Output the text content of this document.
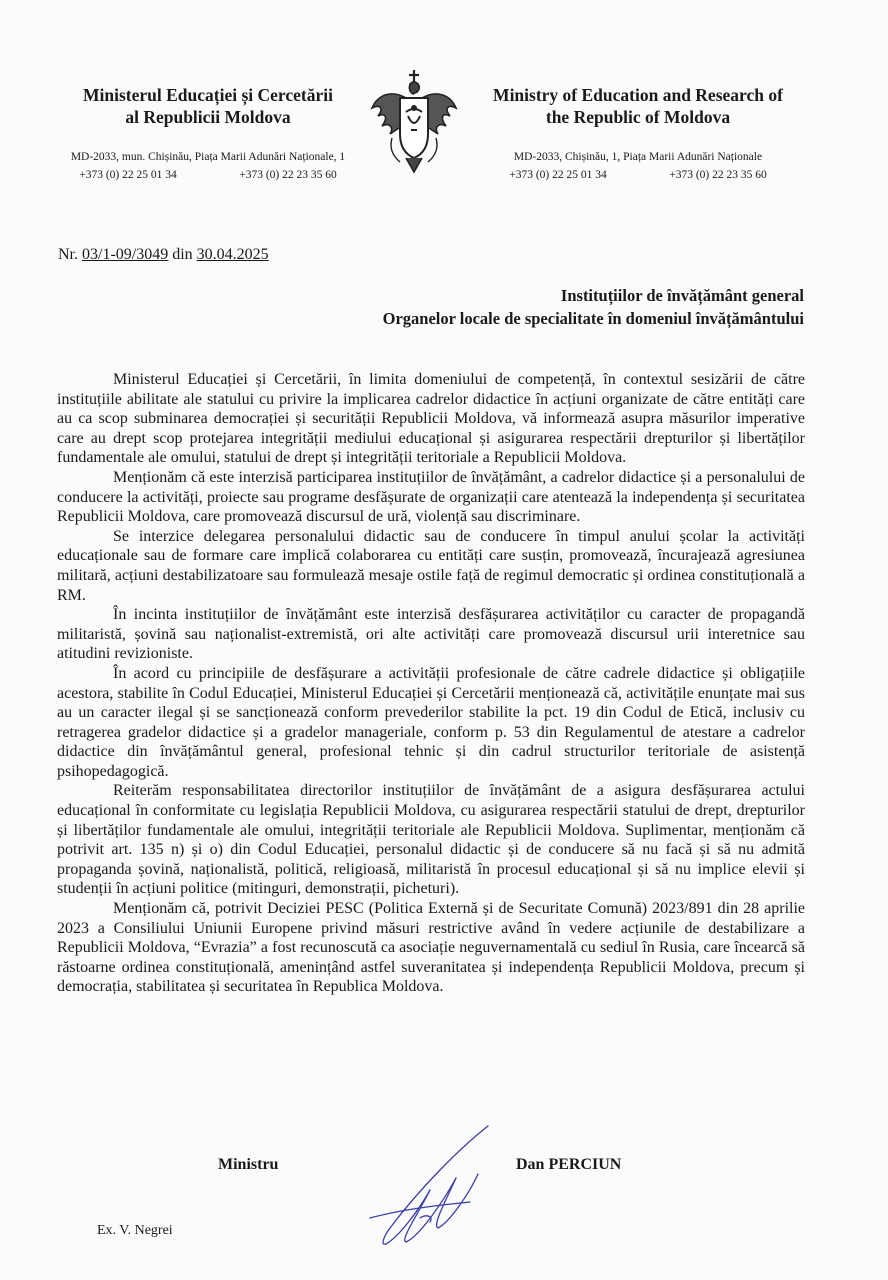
Ministerul Educației și Cercetării
al Republicii Moldova
MD-2033, mun. Chișinău, Piața Marii Adunări Naționale, 1
+373 (0) 22 25 01 34	+373 (0) 22 23 35 60
Ministry of Education and Research of
the Republic of Moldova
MD-2033, Chișinău, 1, Piața Marii Adunări Naționale
+373 (0) 22 25 01 34	+373 (0) 22 23 35 60
Nr. 03/1-09/3049 din 30.04.2025
Instituțiilor de învățământ general
Organelor locale de specialitate în domeniul învățământului

Ministerul Educației și Cercetării, în limita domeniului de competență, în contextul sesizării de către instituțiile abilitate ale statului cu privire la implicarea cadrelor didactice în acțiuni organizate de către entități care au ca scop subminarea democrației și securității Republicii Moldova, vă informează asupra măsurilor imperative care au drept scop protejarea integrității mediului educațional și asigurarea respectării drepturilor și libertăților fundamentale ale omului, statului de drept și integrității teritoriale a Republicii Moldova.

Menționăm că este interzisă participarea instituțiilor de învățământ, a cadrelor didactice și a personalului de conducere la activități, proiecte sau programe desfășurate de organizații care atentează la independența și securitatea Republicii Moldova, care promovează discursul de ură, violență sau discriminare.

Se interzice delegarea personalului didactic sau de conducere în timpul anului școlar la activități educaționale sau de formare care implică colaborarea cu entități care susțin, promovează, încurajează agresiunea militară, acțiuni destabilizatoare sau formulează mesaje ostile față de regimul democratic și ordinea constituțională a RM.

În incinta instituțiilor de învățământ este interzisă desfășurarea activităților cu caracter de propagandă militaristă, șovină sau naționalist-extremistă, ori alte activități care promovează discursul urii interetnice sau atitudini revizioniste.

În acord cu principiile de desfășurare a activității profesionale de către cadrele didactice și obligațiile acestora, stabilite în Codul Educației, Ministerul Educației și Cercetării menționează că, activitățile enunțate mai sus au un caracter ilegal și se sancționează conform prevederilor stabilite la pct. 19 din Codul de Etică, inclusiv cu retragerea gradelor didactice și a gradelor manageriale, conform p. 53 din Regulamentul de atestare a cadrelor didactice din învățământul general, profesional tehnic și din cadrul structurilor teritoriale de asistență psihopedagogică.

Reiterăm responsabilitatea directorilor instituțiilor de învățământ de a asigura desfășurarea actului educațional în conformitate cu legislația Republicii Moldova, cu asigurarea respectării statului de drept, drepturilor și libertăților fundamentale ale omului, integrității teritoriale ale Republicii Moldova. Suplimentar, menționăm că potrivit art. 135 n) și o) din Codul Educației, personalul didactic și de conducere să nu facă și să nu admită propaganda șovină, naționalistă, politică, religioasă, militaristă în procesul educațional și să nu implice elevii și studenții în acțiuni politice (mitinguri, demonstrații, picheturi).

Menționăm că, potrivit Deciziei PESC (Politica Externă și de Securitate Comună) 2023/891 din 28 aprilie 2023 a Consiliului Uniunii Europene privind măsuri restrictive având în vedere acțiunile de destabilizare a Republicii Moldova, “Evrazia” a fost recunoscută ca asociație neguvernamentală cu sediul în Rusia, care încearcă să răstoarne ordinea constituțională, amenințând astfel suveranitatea și independența Republicii Moldova, precum și democrația, stabilitatea și securitatea în Republica Moldova.

Ministru	Dan PERCIUN
Ex. V. Negrei
